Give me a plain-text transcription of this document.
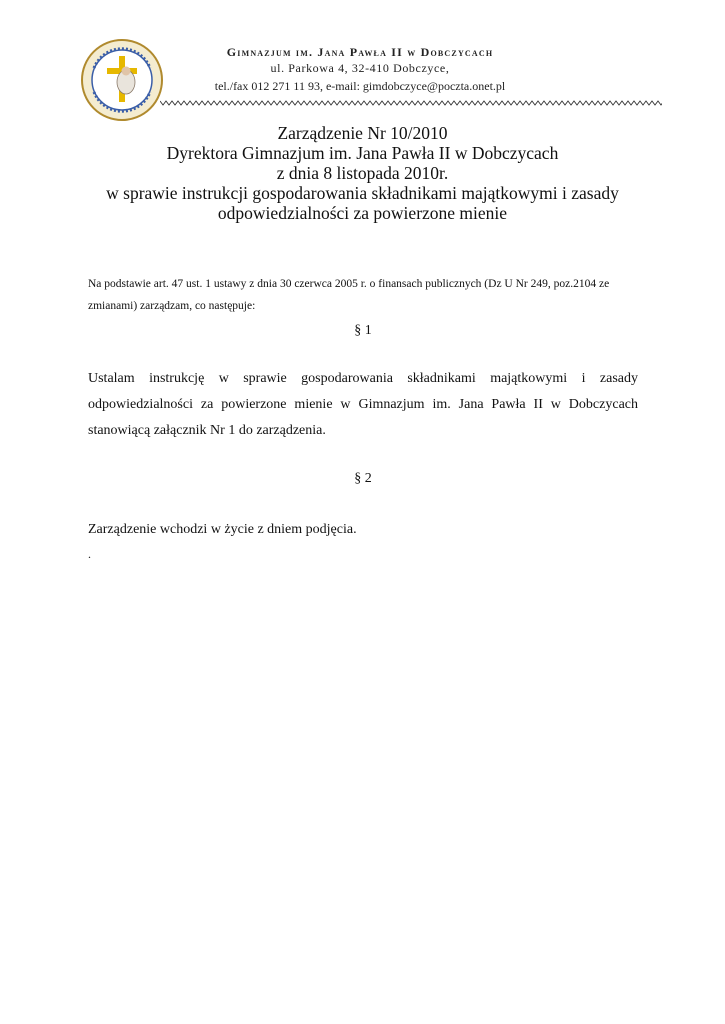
Gimnazjum im. Jana Pawła II w Dobczycach
ul. Parkowa 4, 32-410 Dobczyce,
tel./fax 012 271 11 93, e-mail: gimdobczyce@poczta.onet.pl
Zarządzenie Nr 10/2010
Dyrektora Gimnazjum im. Jana Pawła II w Dobczycach
z dnia 8 listopada 2010r.
w sprawie instrukcji gospodarowania składnikami majątkowymi i zasady
odpowiedzialności za powierzone mienie
Na podstawie art. 47 ust. 1 ustawy z dnia 30 czerwca 2005 r. o finansach publicznych (Dz U Nr 249, poz.2104 ze
zmianami) zarządzam, co następuje:
§ 1
Ustalam instrukcję w sprawie gospodarowania składnikami majątkowymi i zasady
odpowiedzialności za powierzone mienie w Gimnazjum im. Jana Pawła II w Dobczycach
stanowiącą załącznik Nr 1 do zarządzenia.
§ 2
Zarządzenie wchodzi w życie z dniem podjęcia.
.
